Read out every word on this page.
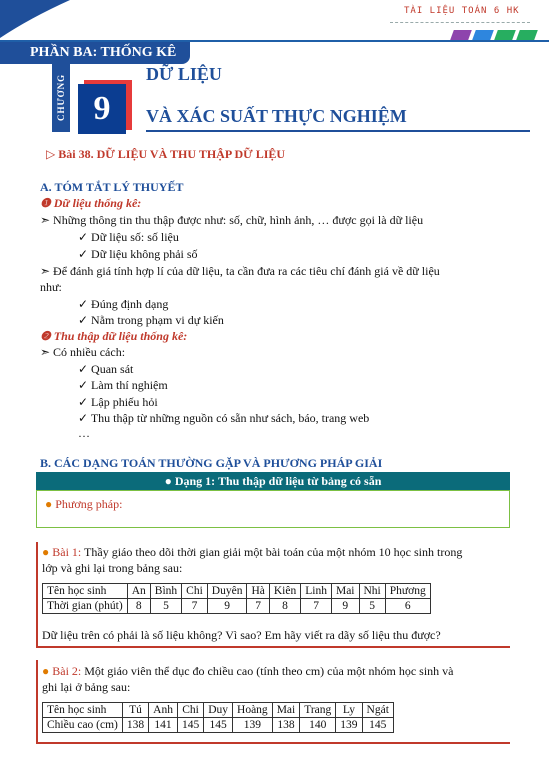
TÀI LIỆU TOÁN 6 HK
PHẦN BA: THỐNG KÊ
CHƯƠNG 9
DỮ LIỆU
VÀ XÁC SUẤT THỰC NGHIỆM
▷ Bài 38. DỮ LIỆU VÀ THU THẬP DỮ LIỆU
A. TÓM TẮT LÝ THUYẾT
❶ Dữ liệu thống kê:
➣ Những thông tin thu thập được như: số, chữ, hình ảnh, … được gọi là dữ liệu
✓ Dữ liệu số: số liệu
✓ Dữ liệu không phải số
➣ Để đánh giá tính hợp lí của dữ liệu, ta cần đưa ra các tiêu chí đánh giá về dữ liệu
như:
✓ Đúng định dạng
✓ Nằm trong phạm vi dự kiến
❷ Thu thập dữ liệu thống kê:
➣ Có nhiều cách:
✓ Quan sát
✓ Làm thí nghiệm
✓ Lập phiếu hỏi
✓ Thu thập từ những nguồn có sẵn như sách, báo, trang web
…
B. CÁC DẠNG TOÁN THƯỜNG GẶP VÀ PHƯƠNG PHÁP GIẢI
● Dạng 1: Thu thập dữ liệu từ bảng có sẵn
● Phương pháp:
● Bài 1: Thầy giáo theo dõi thời gian giải một bài toán của một nhóm 10 học sinh trong
lớp và ghi lại trong bảng sau:
Tên học sinh	An	Bình	Chi	Duyên	Hà	Kiên	Linh	Mai	Nhi	Phương
Thời gian (phút)	8	5	7	9	7	8	7	9	5	6
Dữ liệu trên có phải là số liệu không? Vì sao? Em hãy viết ra dãy số liệu thu được?
● Bài 2: Một giáo viên thể dục đo chiều cao (tính theo cm) của một nhóm học sinh và
ghi lại ở bảng sau:
Tên học sinh	Tú	Anh	Chi	Duy	Hoàng	Mai	Trang	Ly	Ngát
Chiều cao (cm)	138	141	145	145	139	138	140	139	145
